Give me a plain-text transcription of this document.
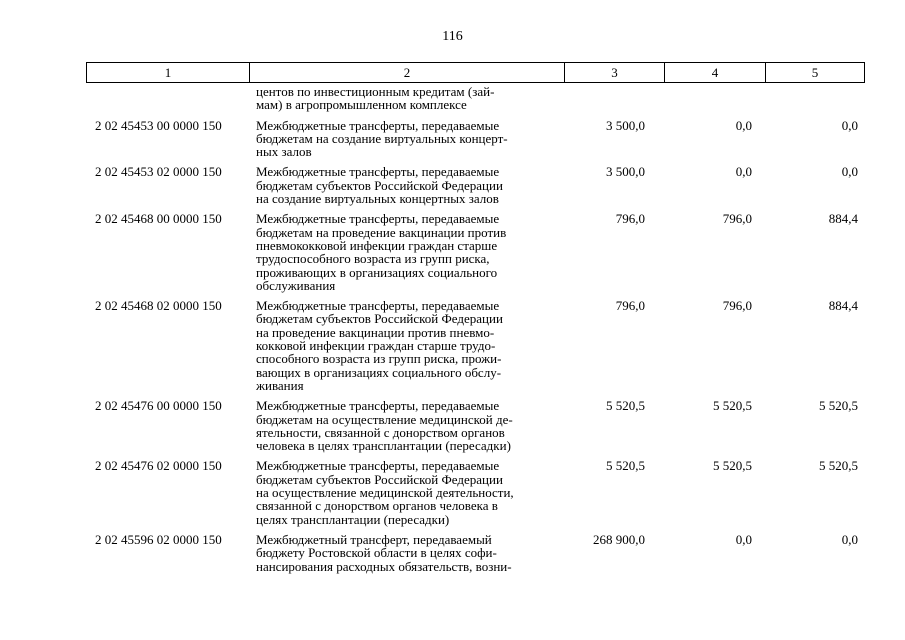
116
1	2	3	4	5
центов по инвестиционным кредитам (зай-
мам) в агропромышленном комплексе
2 02 45453 00 0000 150	Межбюджетные трансферты, передаваемые
бюджетам на создание виртуальных концерт-
ных залов
3 500,0	0,0	0,0
2 02 45453 02 0000 150	Межбюджетные трансферты, передаваемые
бюджетам субъектов Российской Федерации
на создание виртуальных концертных залов
3 500,0	0,0	0,0
2 02 45468 00 0000 150	Межбюджетные трансферты, передаваемые
бюджетам на проведение вакцинации против
пневмококковой инфекции граждан старше
трудоспособного возраста из групп риска,
проживающих в организациях социального
обслуживания
796,0	796,0	884,4
2 02 45468 02 0000 150	Межбюджетные трансферты, передаваемые
бюджетам субъектов Российской Федерации
на проведение вакцинации против пневмо-
кокковой инфекции граждан старше трудо-
способного возраста из групп риска, прожи-
вающих в организациях социального обслу-
живания
796,0	796,0	884,4
2 02 45476 00 0000 150	Межбюджетные трансферты, передаваемые
бюджетам на осуществление медицинской де-
ятельности, связанной с донорством органов
человека в целях трансплантации (пересадки)
5 520,5	5 520,5	5 520,5
2 02 45476 02 0000 150	Межбюджетные трансферты, передаваемые
бюджетам субъектов Российской Федерации
на осуществление медицинской деятельности,
связанной с донорством органов человека в
целях трансплантации (пересадки)
5 520,5	5 520,5	5 520,5
2 02 45596 02 0000 150	Межбюджетный трансферт, передаваемый
бюджету Ростовской области в целях софи-
нансирования расходных обязательств, возни-
268 900,0	0,0	0,0
